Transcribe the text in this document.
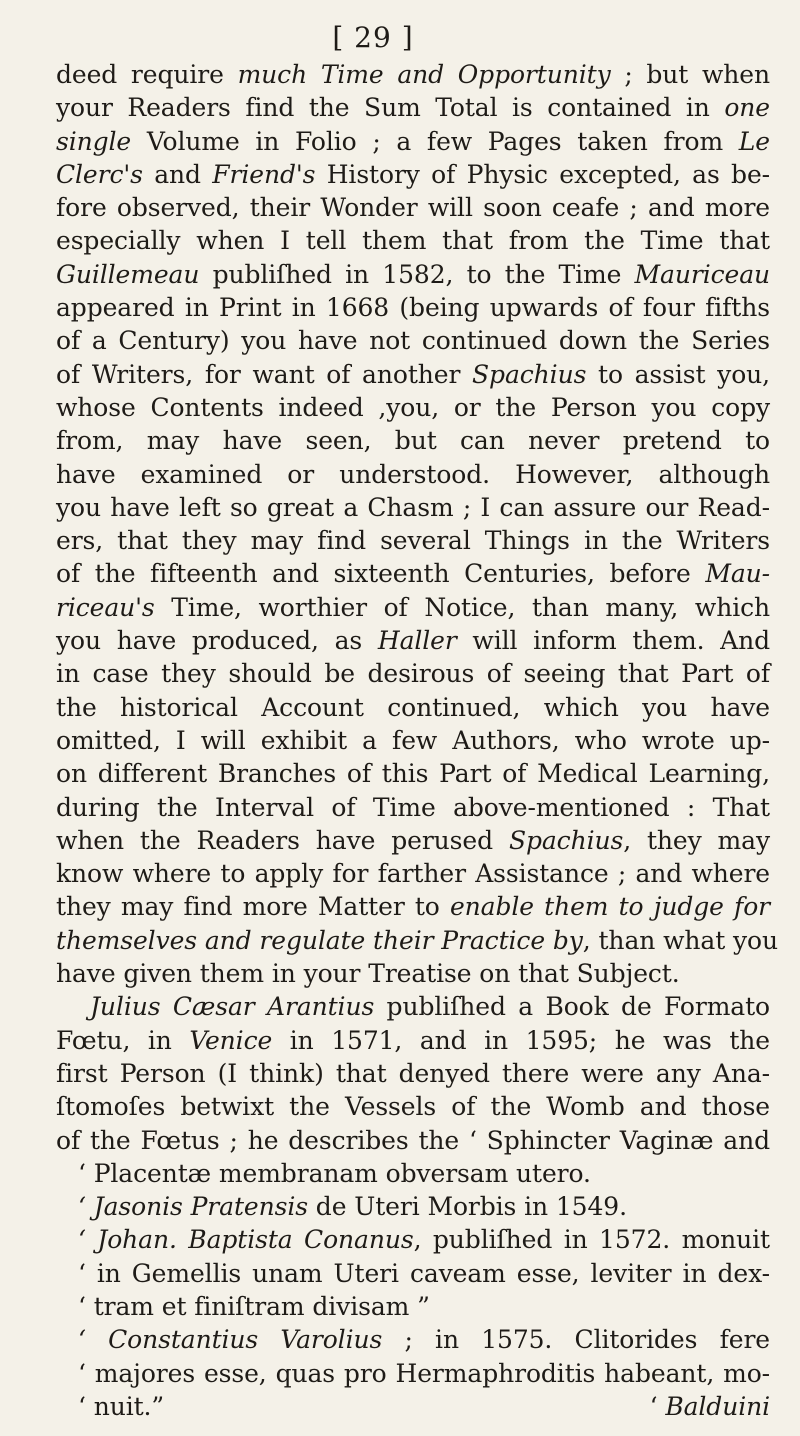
[ 29 ]
deed require much Time and Opportunity ; but when
your Readers find the Sum Total is contained in one
single Volume in Folio ; a few Pages taken from Le
Clerc's and Friend's History of Physic excepted, as be-
fore observed, their Wonder will soon ceafe ; and more
especially when I tell them that from the Time that
Guillemeau publiſhed in 1582, to the Time Mauriceau
appeared in Print in 1668 (being upwards of four fifths
of a Century) you have not continued down the Series
of Writers, for want of another Spachius to assist you,
whose Contents indeed ,you, or the Person you copy
from, may have seen, but can never pretend to
have examined or understood. However, although
you have left so great a Chasm ; I can assure our Read-
ers, that they may find several Things in the Writers
of the fifteenth and sixteenth Centuries, before Mau-
riceau's Time, worthier of Notice, than many, which
you have produced, as Haller will inform them. And
in case they should be desirous of seeing that Part of
the historical Account continued, which you have
omitted, I will exhibit a few Authors, who wrote up-
on different Branches of this Part of Medical Learning,
during the Interval of Time above-mentioned : That
when the Readers have perused Spachius, they may
know where to apply for farther Assistance ; and where
they may find more Matter to enable them to judge for
themselves and regulate their Practice by, than what you
have given them in your Treatise on that Subject.
Julius Cæsar Arantius publiſhed a Book de Formato
Fœtu, in Venice in 1571, and in 1595; he was the
first Person (I think) that denyed there were any Ana-
ſtomoſes betwixt the Vessels of the Womb and those
of the Fœtus ; he describes the ‘ Sphincter Vaginæ and
‘ Placentæ membranam obversam utero.
‘ Jasonis Pratensis de Uteri Morbis in 1549.
‘ Johan. Baptista Conanus, publiſhed in 1572. monuit
‘ in Gemellis unam Uteri caveam esse, leviter in dex-
‘ tram et finiſtram divisam ”
‘ Constantius Varolius ; in 1575. Clitorides fere
‘ majores esse, quas pro Hermaphroditis habeant, mo-
‘ nuit.”	‘ Balduini
